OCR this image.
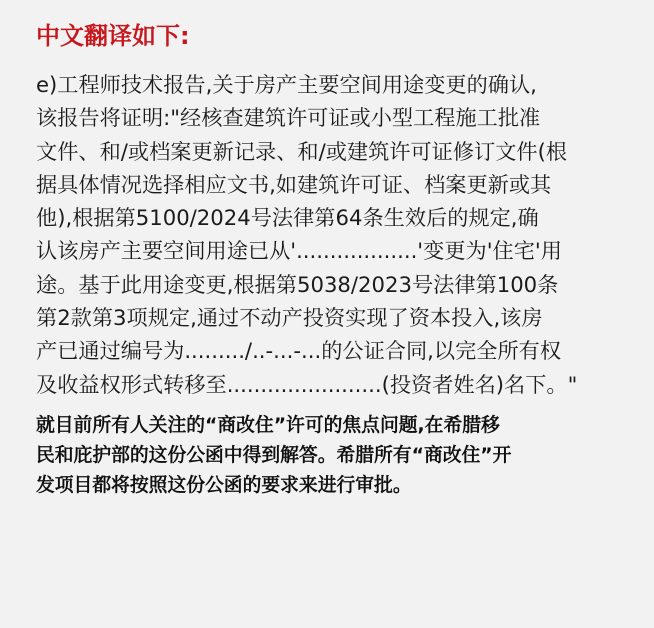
中文翻译如下:
e)工程师技术报告,关于房产主要空间用途变更的确认,
该报告将证明:"经核查建筑许可证或小型工程施工批准
文件、和/或档案更新记录、和/或建筑许可证修订文件(根
据具体情况选择相应文书,如建筑许可证、档案更新或其
他),根据第5100/2024号法律第64条生效后的规定,确
认该房产主要空间用途已从'..................'变更为'住宅'用
途。基于此用途变更,根据第5038/2023号法律第100条
第2款第3项规定,通过不动产投资实现了资本投入,该房
产已通过编号为........./..-...-...的公证合同,以完全所有权
及收益权形式转移至.......................(投资者姓名)名下。"
就目前所有人关注的“商改住”许可的焦点问题,在希腊移
民和庇护部的这份公函中得到解答。希腊所有“商改住”开
发项目都将按照这份公函的要求来进行审批。
